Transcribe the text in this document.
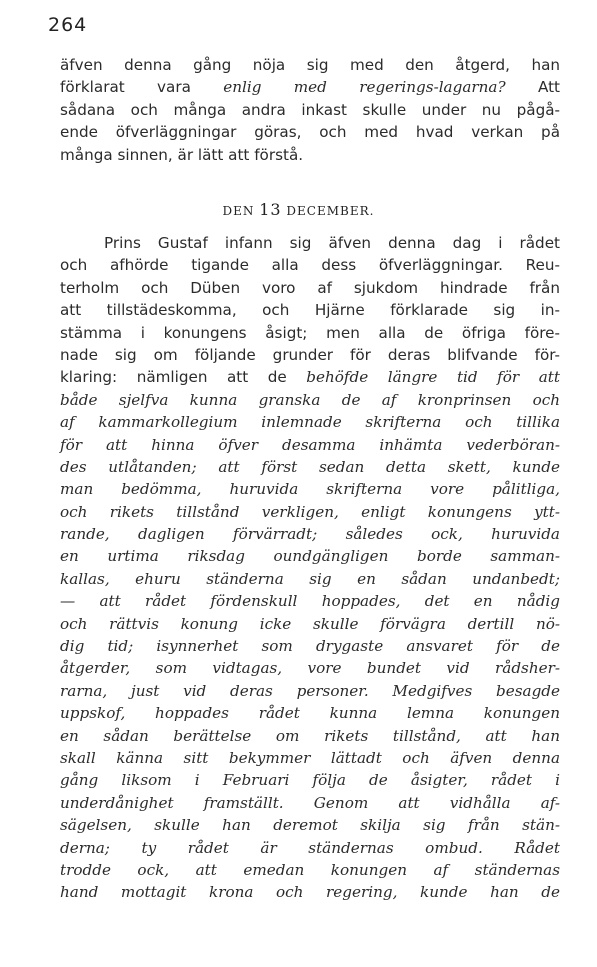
264
äfven denna gång nöja sig med den åtgerd, han
förklarat vara enlig med regerings-lagarna? Att
sådana och många andra inkast skulle under nu pågå-
ende öfverläggningar göras, och med hvad verkan på
många sinnen, är lätt att förstå.
DEN 13 DECEMBER.
Prins Gustaf infann sig äfven denna dag i rådet
och afhörde tigande alla dess öfverläggningar. Reu-
terholm och Düben voro af sjukdom hindrade från
att tillstädeskomma, och Hjärne förklarade sig in-
stämma i konungens åsigt; men alla de öfriga före-
nade sig om följande grunder för deras blifvande för-
klaring: nämligen att de behöfde längre tid för att
både sjelfva kunna granska de af kronprinsen och
af kammarkollegium inlemnade skrifterna och tillika
för att hinna öfver desamma inhämta vederböran-
des utlåtanden; att först sedan detta skett, kunde
man bedömma, huruvida skrifterna vore pålitliga,
och rikets tillstånd verkligen, enligt konungens ytt-
rande, dagligen förvärradt; således ock, huruvida
en urtima riksdag oundgängligen borde samman-
kallas, ehuru ständerna sig en sådan undanbedt;
— att rådet fördenskull hoppades, det en nådig
och rättvis konung icke skulle förvägra dertill nö-
dig tid; isynnerhet som drygaste ansvaret för de
åtgerder, som vidtagas, vore bundet vid rådsher-
rarna, just vid deras personer. Medgifves besagde
uppskof, hoppades rådet kunna lemna konungen
en sådan berättelse om rikets tillstånd, att han
skall känna sitt bekymmer lättadt och äfven denna
gång liksom i Februari följa de åsigter, rådet i
underdånighet framställt. Genom att vidhålla af-
sägelsen, skulle han deremot skilja sig från stän-
derna; ty rådet är ständernas ombud. Rådet
trodde ock, att emedan konungen af ständernas
hand mottagit krona och regering, kunde han de
